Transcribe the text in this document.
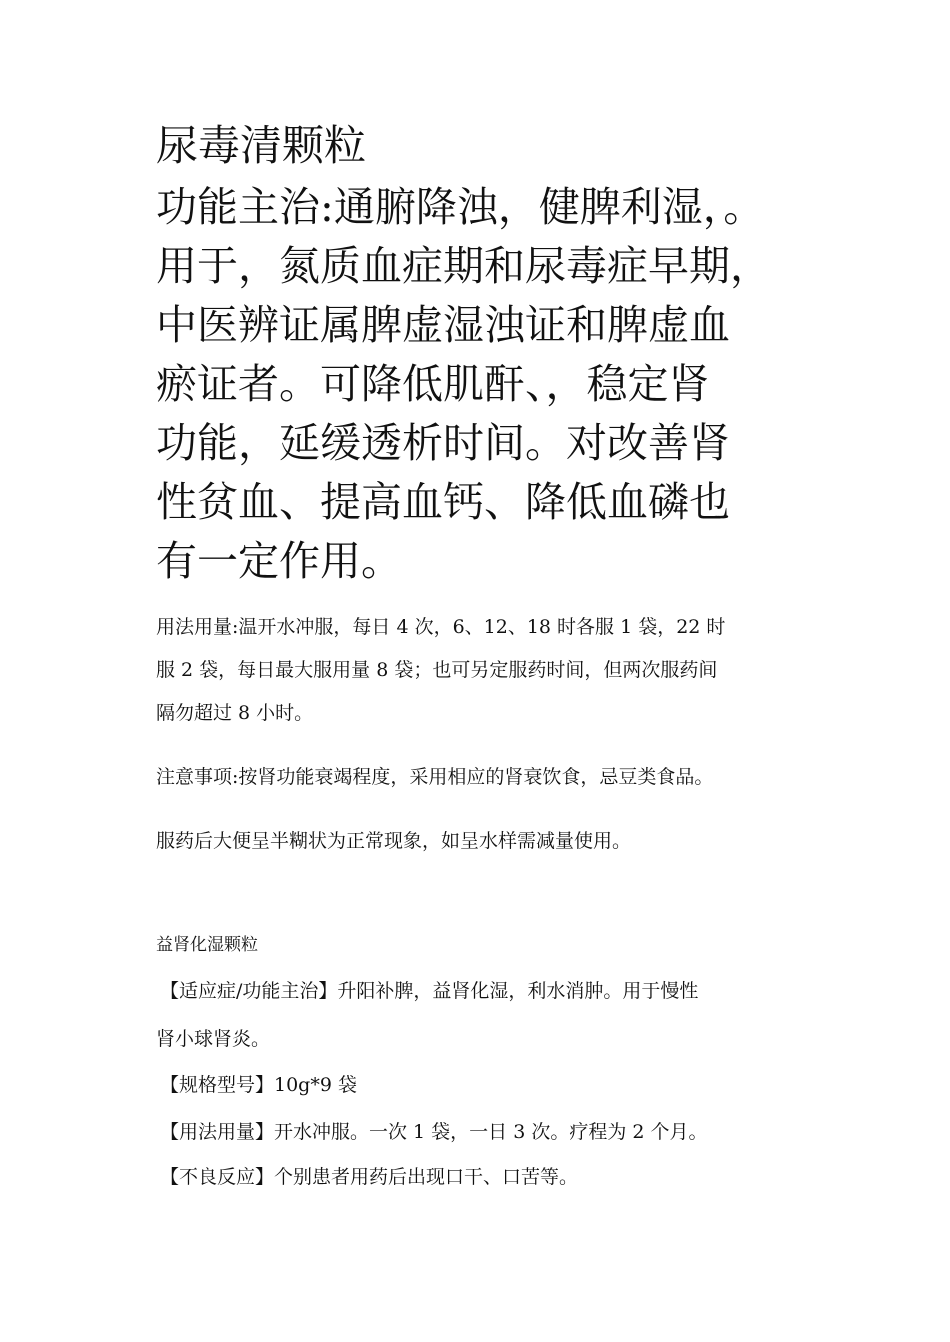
尿毒清颗粒
功能主治:通腑降浊，健脾利湿，。
用于，氮质血症期和尿毒症早期，
中医辨证属脾虚湿浊证和脾虚血
瘀证者。可降低肌酐、，稳定肾
功能，延缓透析时间。对改善肾
性贫血、提高血钙、降低血磷也
有一定作用。
用法用量:温开水冲服，每日 4 次，6、12、18 时各服 1 袋，22 时
服 2 袋，每日最大服用量 8 袋；也可另定服药时间，但两次服药间
隔勿超过 8 小时。

注意事项:按肾功能衰竭程度，采用相应的肾衰饮食，忌豆类食品。

服药后大便呈半糊状为正常现象，如呈水样需减量使用。

益肾化湿颗粒

【适应症/功能主治】升阳补脾，益肾化湿，利水消肿。用于慢性

肾小球肾炎。

【规格型号】10g*9 袋

【用法用量】开水冲服。一次 1 袋，一日 3 次。疗程为 2 个月。

【不良反应】个别患者用药后出现口干、口苦等。
